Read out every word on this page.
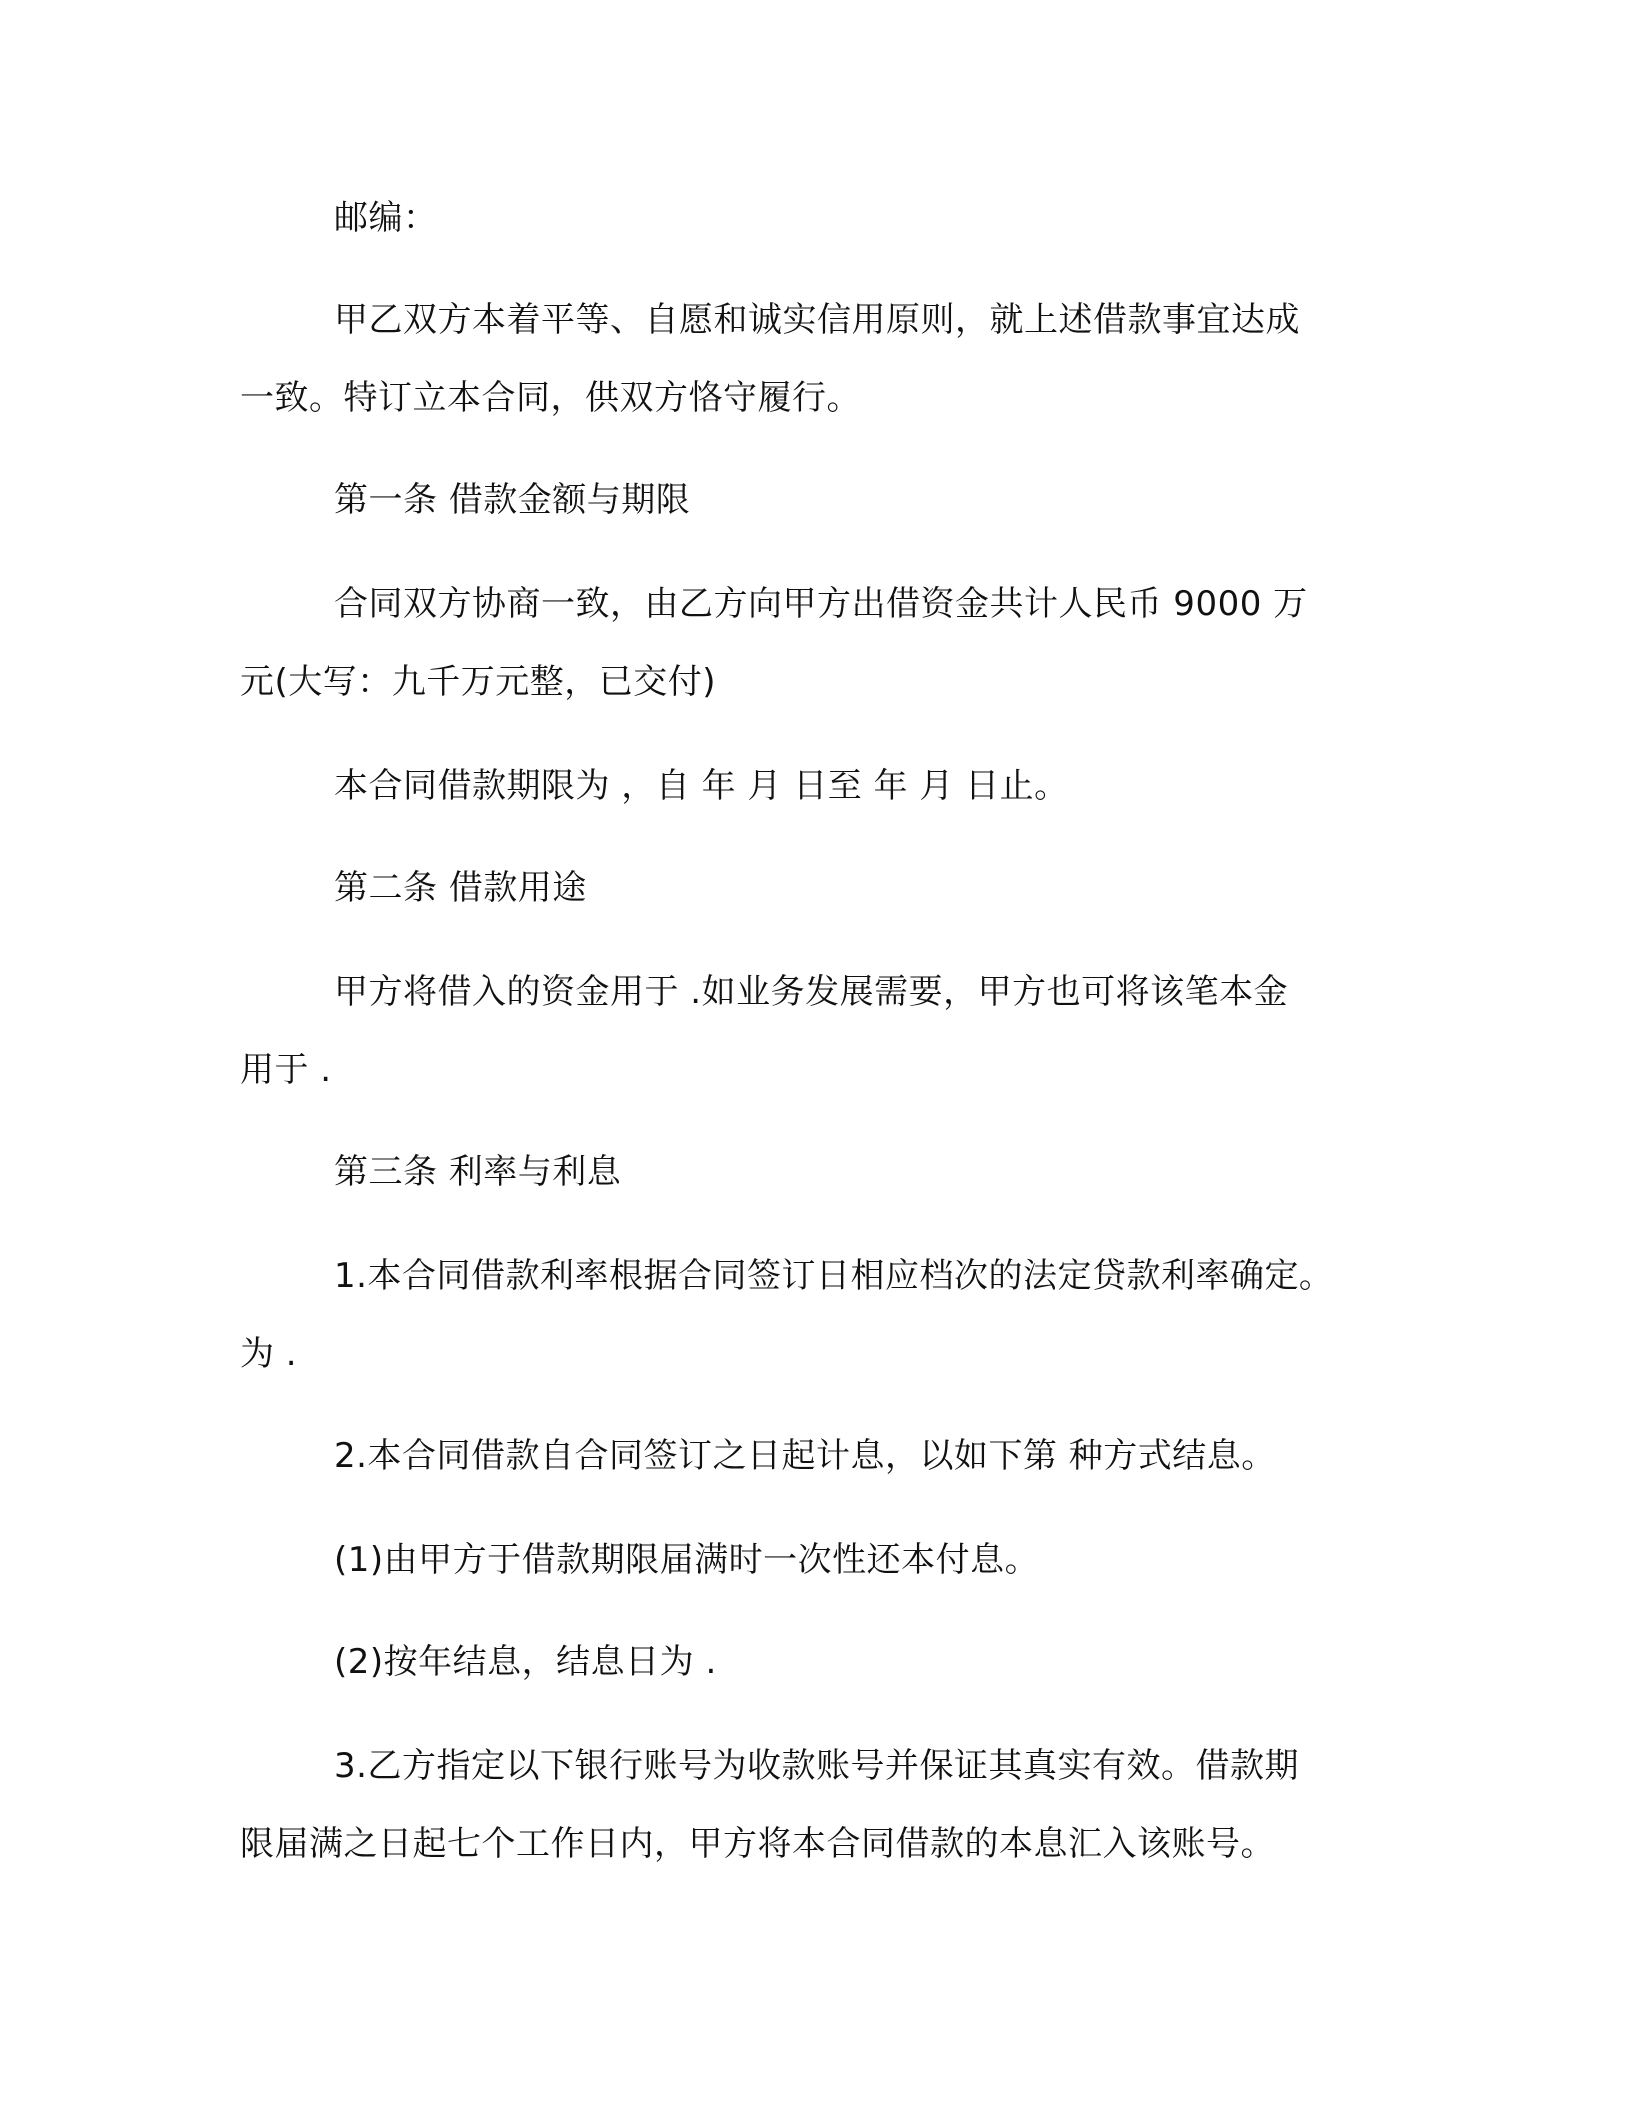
邮编：
甲乙双方本着平等、自愿和诚实信用原则，就上述借款事宜达成
一致。特订立本合同，供双方恪守履行。
第一条 借款金额与期限
合同双方协商一致，由乙方向甲方出借资金共计人民币 9000 万
元(大写：九千万元整，已交付)
本合同借款期限为 ，自 年 月 日至 年 月 日止。
第二条 借款用途
甲方将借入的资金用于 .如业务发展需要，甲方也可将该笔本金
用于 .
第三条 利率与利息
1.本合同借款利率根据合同签订日相应档次的法定贷款利率确定。
为 .
2.本合同借款自合同签订之日起计息，以如下第 种方式结息。
(1)由甲方于借款期限届满时一次性还本付息。
(2)按年结息，结息日为 .
3.乙方指定以下银行账号为收款账号并保证其真实有效。借款期
限届满之日起七个工作日内，甲方将本合同借款的本息汇入该账号。
